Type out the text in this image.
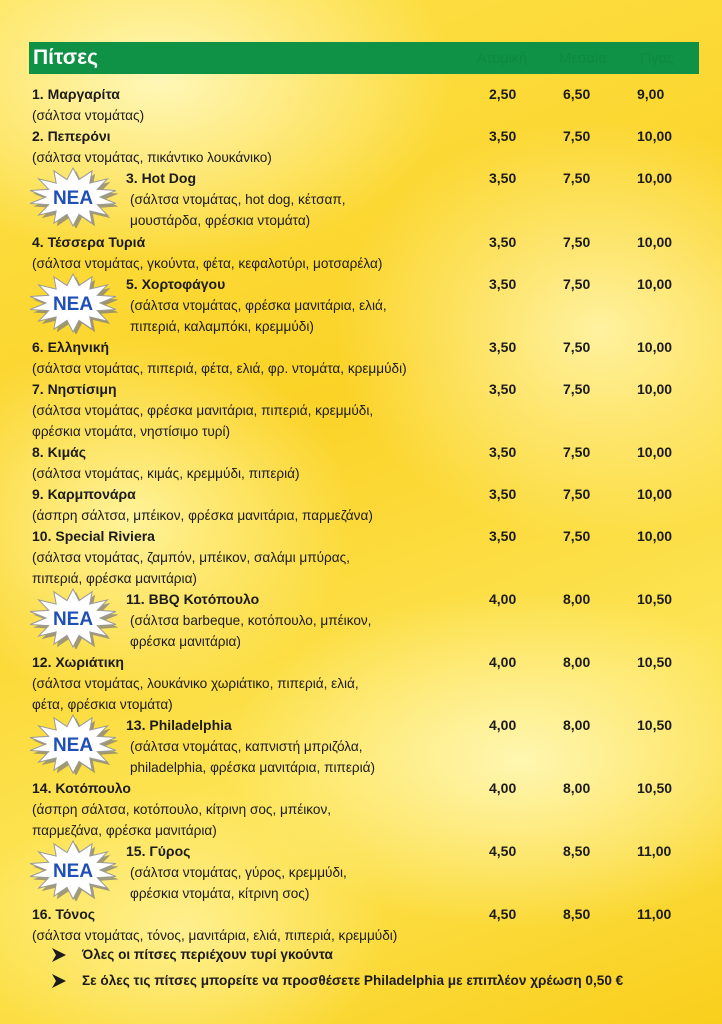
Πίτσες	Ατομική	Μεσαία	Γίγας
1. Μαργαρίτα
(σάλτσα ντομάτας)
2,50	6,50	9,00
2. Πεπερόνι
(σάλτσα ντομάτας, πικάντικο λουκάνικο)
3,50	7,50	10,00
ΝΕΑ
3. Hot Dog
(σάλτσα ντομάτας, hot dog, κέτσαπ,
μουστάρδα, φρέσκια ντομάτα)
3,50	7,50	10,00
4. Τέσσερα Τυριά
(σάλτσα ντομάτας, γκούντα, φέτα, κεφαλοτύρι, μοτσαρέλα)
3,50	7,50	10,00
ΝΕΑ
5. Χορτοφάγου
(σάλτσα ντομάτας, φρέσκα μανιτάρια, ελιά,
πιπεριά, καλαμπόκι, κρεμμύδι)
3,50	7,50	10,00
6. Ελληνική
(σάλτσα ντομάτας, πιπεριά, φέτα, ελιά, φρ. ντομάτα, κρεμμύδι)
3,50	7,50	10,00
7. Νηστίσιμη
(σάλτσα ντομάτας, φρέσκα μανιτάρια, πιπεριά, κρεμμύδι,
φρέσκια ντομάτα, νηστίσιμο τυρί)
3,50	7,50	10,00
8. Κιμάς
(σάλτσα ντομάτας, κιμάς, κρεμμύδι, πιπεριά)
3,50	7,50	10,00
9. Καρμπονάρα
(άσπρη σάλτσα, μπέικον, φρέσκα μανιτάρια, παρμεζάνα)
3,50	7,50	10,00
10. Special Riviera
(σάλτσα ντομάτας, ζαμπόν, μπέικον, σαλάμι μπύρας,
πιπεριά, φρέσκα μανιτάρια)
3,50	7,50	10,00
ΝΕΑ
11. BBQ Κοτόπουλο
(σάλτσα barbeque, κοτόπουλο, μπέικον,
φρέσκα μανιτάρια)
4,00	8,00	10,50
12. Χωριάτικη
(σάλτσα ντομάτας, λουκάνικο χωριάτικο, πιπεριά, ελιά,
φέτα, φρέσκια ντομάτα)
4,00	8,00	10,50
ΝΕΑ
13. Philadelphia
(σάλτσα ντομάτας, καπνιστή μπριζόλα,
philadelphia, φρέσκα μανιτάρια, πιπεριά)
4,00	8,00	10,50
14. Κοτόπουλο
(άσπρη σάλτσα, κοτόπουλο, κίτρινη σος, μπέικον,
παρμεζάνα, φρέσκα μανιτάρια)
4,00	8,00	10,50
ΝΕΑ
15. Γύρος
(σάλτσα ντομάτας, γύρος, κρεμμύδι,
φρέσκια ντομάτα, κίτρινη σος)
4,50	8,50	11,00
16. Τόνος
(σάλτσα ντομάτας, τόνος, μανιτάρια, ελιά, πιπεριά, κρεμμύδι)
4,50	8,50	11,00
Όλες οι πίτσες περιέχουν τυρί γκούντα
Σε όλες τις πίτσες μπορείτε να προσθέσετε Philadelphia με επιπλέον χρέωση 0,50 €
